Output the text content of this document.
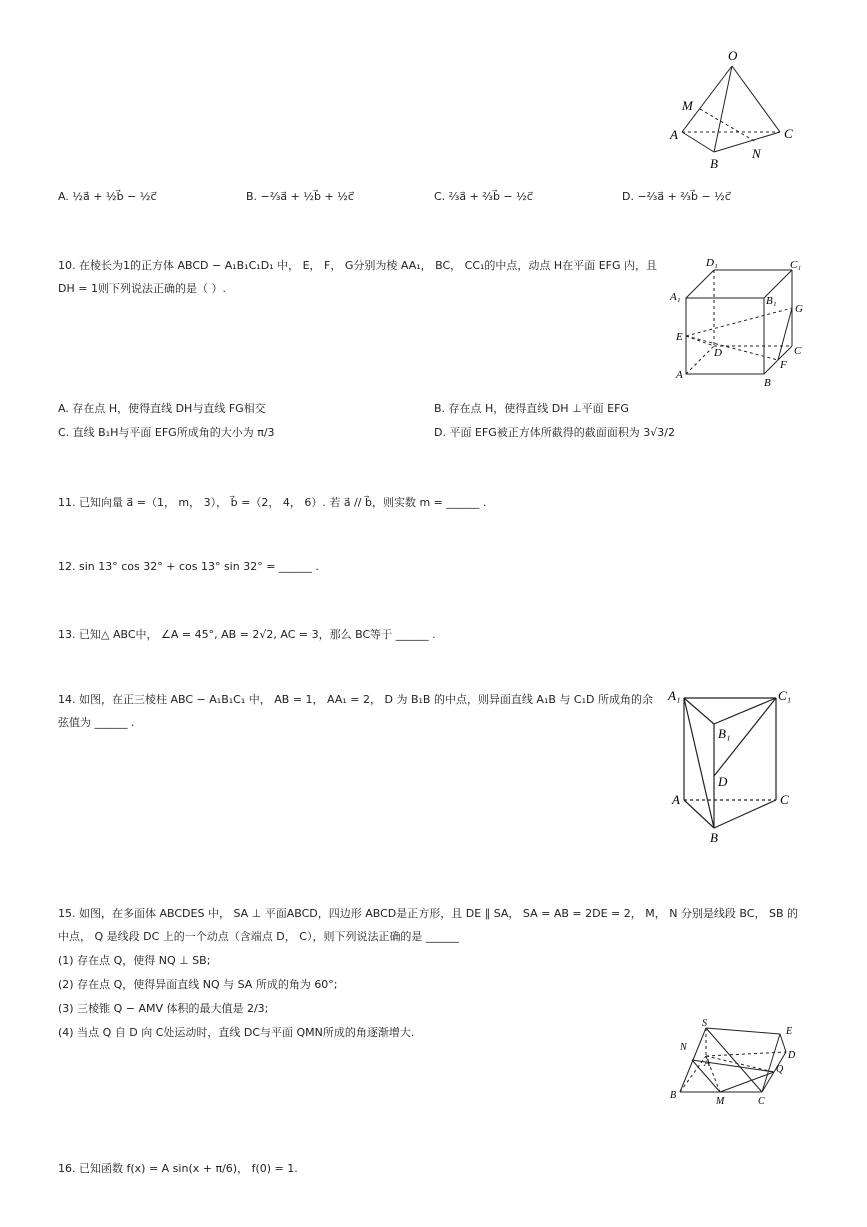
O
M
A
B
C
N
A. ½a⃗ + ½b⃗ − ½c⃗	B. −⅔a⃗ + ½b⃗ + ½c⃗	C. ⅔a⃗ + ⅔b⃗ − ½c⃗	D. −⅔a⃗ + ⅔b⃗ − ½c⃗
10. 在棱长为1的正方体 ABCD − A₁B₁C₁D₁ 中， E， F， G分别为棱 AA₁， BC， CC₁的中点，动点 H在平面 EFG 内，且 DH = 1则下列说法正确的是（ ）.
D₁	C₁
A₁	B₁
G
E
D	C
A
F
B
A. 存在点 H，使得直线 DH与直线 FG相交	B. 存在点 H，使得直线 DH ⊥平面 EFG
C. 直线 B₁H与平面 EFG所成角的大小为 π/3	D. 平面 EFG被正方体所截得的截面面积为 3√3/2
11. 已知向量 a⃗ =（1， m， 3）， b⃗ =（2， 4， 6）. 若 a⃗ // b⃗，则实数 m = ______ .
12. sin 13° cos 32° + cos 13° sin 32° = ______ .
13. 已知△ ABC中， ∠A = 45°, AB = 2√2, AC = 3，那么 BC等于 ______ .
14. 如图，在正三棱柱 ABC − A₁B₁C₁ 中， AB = 1， AA₁ = 2， D 为 B₁B 的中点，则异面直线 A₁B 与 C₁D 所成角的余弦值为 ______ .
A₁	C₁
B₁
D
A	C
B
15. 如图，在多面体 ABCDES 中， SA ⊥ 平面ABCD，四边形 ABCD是正方形，且 DE ∥ SA， SA = AB = 2DE = 2， M， N 分别是线段 BC， SB 的中点， Q 是线段 DC 上的一个动点（含端点 D， C），则下列说法正确的是 ______
(1) 存在点 Q，使得 NQ ⊥ SB;
(2) 存在点 Q，使得异面直线 NQ 与 SA 所成的角为 60°;
(3) 三棱锥 Q − AMV 体积的最大值是 2/3;
(4) 当点 Q 自 D 向 C处运动时，直线 DC与平面 QMN所成的角逐渐增大.
S
E
N
A
D
Q
B
M	C
16. 已知函数 f(x) = A sin(x + π/6)， f(0) = 1.
